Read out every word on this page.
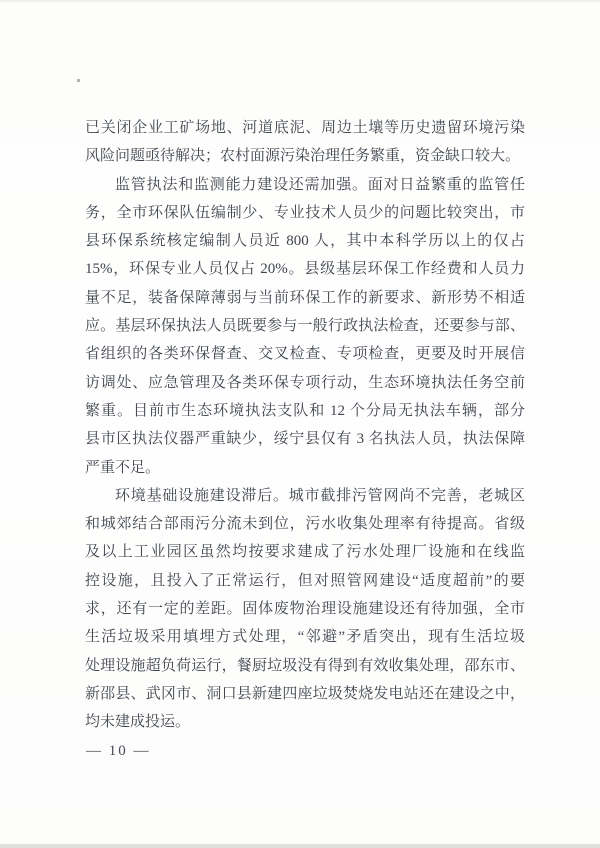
已关闭企业工矿场地、河道底泥、周边土壤等历史遗留环境污染
风险问题亟待解决；农村面源污染治理任务繁重，资金缺口较大。
监管执法和监测能力建设还需加强。面对日益繁重的监管任
务，全市环保队伍编制少、专业技术人员少的问题比较突出，市
县环保系统核定编制人员近 800 人，其中本科学历以上的仅占
15%，环保专业人员仅占 20%。县级基层环保工作经费和人员力
量不足，装备保障薄弱与当前环保工作的新要求、新形势不相适
应。基层环保执法人员既要参与一般行政执法检查，还要参与部、
省组织的各类环保督查、交叉检查、专项检查，更要及时开展信
访调处、应急管理及各类环保专项行动，生态环境执法任务空前
繁重。目前市生态环境执法支队和 12 个分局无执法车辆，部分
县市区执法仪器严重缺少，绥宁县仅有 3 名执法人员，执法保障
严重不足。
环境基础设施建设滞后。城市截排污管网尚不完善，老城区
和城郊结合部雨污分流未到位，污水收集处理率有待提高。省级
及以上工业园区虽然均按要求建成了污水处理厂设施和在线监
控设施，且投入了正常运行，但对照管网建设“适度超前”的要
求，还有一定的差距。固体废物治理设施建设还有待加强，全市
生活垃圾采用填埋方式处理，“邻避”矛盾突出，现有生活垃圾
处理设施超负荷运行，餐厨垃圾没有得到有效收集处理，邵东市、
新邵县、武冈市、洞口县新建四座垃圾焚烧发电站还在建设之中，
均未建成投运。
— 10 —
